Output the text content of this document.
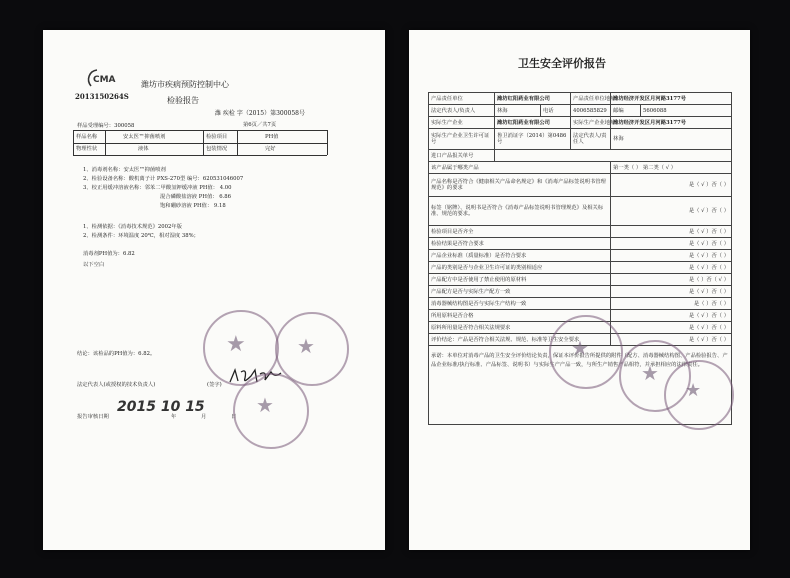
CMA
2013150264S
潍坊市疾病预防控制中心
检验报告
潍 疾检 字（2015）第300058号
第6页／共7页
样品受理编号：300058
样品名称	安太医™抑菌喷剂	检验项目	PH值
物理性状	液体	包装情况	完好
1、消毒剂名称：安太医™抑菌喷剂
2、检验设备名称：酸机离子计 PXS-270型 编号：620531046007
3、校正用缓冲溶液名称：邻苯二甲酸氢钾缓冲液 PH值： 4.00
混合磷酸盐溶液 PH值： 6.86
饱和硼砂溶液 PH值： 9.18
1、检测依据：《消毒技术规范》2002年版
2、检测条件：环境温度 20℃，相对湿度 38%；
消毒剂PH值为：6.82
以下空白
结论：该检品的PH值为：6.82。
法定代表人(或授权的技术负责人)	(签字)
报告审核日期	年	月	日
2015 10 15
★	★
★
卫生安全评价报告
产品责任单位	潍坊红阳药业有限公司		产品责任单位地址	潍坊经济开发区月河路3177号	
法定代表人/负责人	林海	电话	4006585829	邮编	5606088
实际生产企业	潍坊红阳药业有限公司		实际生产企业地址	潍坊经济开发区月河路3177号	
实际生产企业卫生许可证号	鲁卫消证字（2014）第0486号		法定代表人/责任人	林海	
进口产品报关单号					
该产品属于哪类产品				第一类（ ） 第二类（ √ ）	
产品名称是否符合《健康相关产品命名规定》和《消毒产品标签说明书管理规范》的要求				是（ √ ）否（ ）	
标签（铭牌）、说明书是否符合《消毒产品标签说明书管理规范》及相关标准、规范的要求。				是（ √ ）否（ ）	
检验项目是否齐全				是（ √ ）否（ ）	
检验结果是否符合要求				是（ √ ）否（ ）	
产品企业标准（质量标准）是否符合要求				是（ √ ）否（ ）	
产品的类别是否与企业卫生许可证的类别相适应				是（ √ ）否（ ）	
产品配方中是否使用了禁止使用的原材料				是（ ）否（ √ ）	
产品配方是否与实际生产配方一致				是（ √ ）否（ ）	
消毒器械结构图是否与实际生产结构一致				是（ ）否（ ）	
所用原料是否合格				是（ √ ）否（ ）	
原料所用量是否符合相关法规要求				是（ √ ）否（ ）	
评价结论：产品是否符合相关法规、规范、标准等卫生安全要求				是（ √ ）否（ ）	
承诺：本单位对消毒产品的卫生安全评价结论负责，保证本评价报告所提供的附件（配方、消毒器械结构图、产品检验报告、产品企业标准/执行标准、产品标签、说明书）与实际生产产品一致，与所生产销售产品相符，并承担相应的法律责任。					
★
★
★
